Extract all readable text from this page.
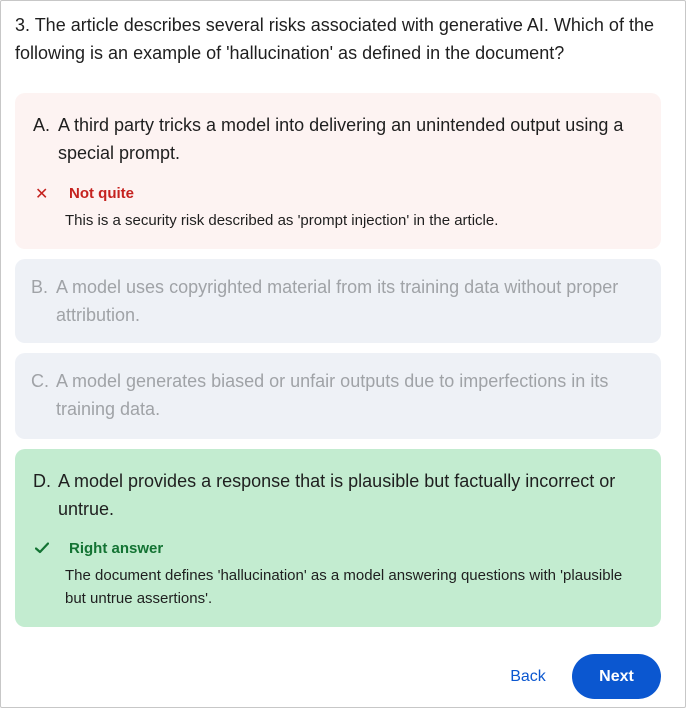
3. The article describes several risks associated with generative AI. Which of the following is an example of 'hallucination' as defined in the document?
A. A third party tricks a model into delivering an unintended output using a special prompt.
✕ Not quite
This is a security risk described as 'prompt injection' in the article.
B. A model uses copyrighted material from its training data without proper attribution.
C. A model generates biased or unfair outputs due to imperfections in its training data.
D. A model provides a response that is plausible but factually incorrect or untrue.
Right answer
The document defines 'hallucination' as a model answering questions with 'plausible but untrue assertions'.
Back	Next
